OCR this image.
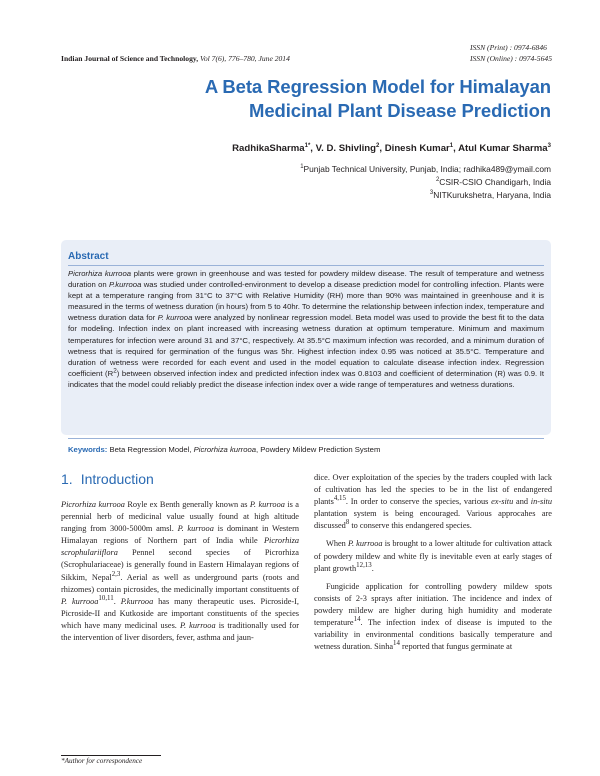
ISSN (Print) : 0974-6846
ISSN (Online) : 0974-5645
Indian Journal of Science and Technology, Vol 7(6), 776–780, June 2014
A Beta Regression Model for Himalayan
Medicinal Plant Disease Prediction
RadhikaSharma$^{1*}$, V. D. Shivling$^2$, Dinesh Kumar$^1$, Atul Kumar Sharma$^3$
$^1$Punjab Technical University, Punjab, India; radhika489@ymail.com
$^2$CSIR-CSIO Chandigarh, India
$^3$NITKurukshetra, Haryana, India
Abstract
Picrorhiza kurrooa plants were grown in greenhouse and was tested for powdery mildew disease. The result of temperature and wetness duration on P.kurrooa was studied under controlled-environment to develop a disease prediction model for controlling infection. Plants were kept at a temperature ranging from 31°C to 37°C with Relative Humidity (RH) more than 90% was maintained in greenhouse and it is measured in the terms of wetness duration (in hours) from 5 to 40hr. To determine the relationship between infection index, temperature and wetness duration data for P. kurrooa were analyzed by nonlinear regression model. Beta model was used to provide the best fit to the data for modeling. Infection index on plant increased with increasing wetness duration at optimum temperature. Minimum and maximum temperatures for infection were around 31 and 37°C, respectively. At 35.5°C maximum infection was recorded, and a minimum duration of wetness that is required for germination of the fungus was 5hr. Highest infection index 0.95 was noticed at 35.5°C. Temperature and duration of wetness were recorded for each event and used in the model equation to calculate disease infection index. Regression coefficient $(R^2)$ between observed infection index and predicted infection index was 0.8103 and coefficient of determination (R) was 0.9. It indicates that the model could reliably predict the disease infection index over a wide range of temperatures and wetness durations.
Keywords: Beta Regression Model, Picrorhiza kurrooa, Powdery Mildew Prediction System
1. Introduction

Picrorhiza kurrooa Royle ex Benth generally known as P. kurrooa is a perennial herb of medicinal value usually found at high altitude ranging from 3000-5000m amsl. P. kurrooa is dominant in Western Himalayan regions of Northern part of India while Picrorhiza scrophulariiflora Pennel second species of Picrorhiza (Scrophulariaceae) is generally found in Eastern Himalayan regions of Sikkim, Nepal$^{2,3}$. Aerial as well as underground parts (roots and rhizomes) contain picrosides, the medicinally important constituents of P. kurrooa$^{10,11}$. P.kurrooa has many therapeutic uses. Picroside-I, Picroside-II and Kutkoside are important constituents of the species which have many medicinal uses. P. kurrooa is traditionally used for the intervention of liver disorders, fever, asthma and jaun-

dice. Over exploitation of the species by the traders coupled with lack of cultivation has led the species to be in the list of endangered plants$^{4,15}$. In order to conserve the species, various ex-situ and in-situ plantation system is being encouraged. Various approcahes are discussed$^8$ to conserve this endangered species.

When P. kurrooa is brought to a lower altitude for cultivation attack of powdery mildew and white fly is inevitable even at early stages of plant growth$^{12,13}$.

Fungicide application for controlling powdery mildew spots consists of 2-3 sprays after initiation. The incidence and index of powdery mildew are higher during high humidity and moderate temperature$^{14}$. The infection index of disease is imputed to the variability in environmental conditions basically temperature and wetness duration. Sinha$^{14}$ reported that fungus germinate at

*Author for correspondence
